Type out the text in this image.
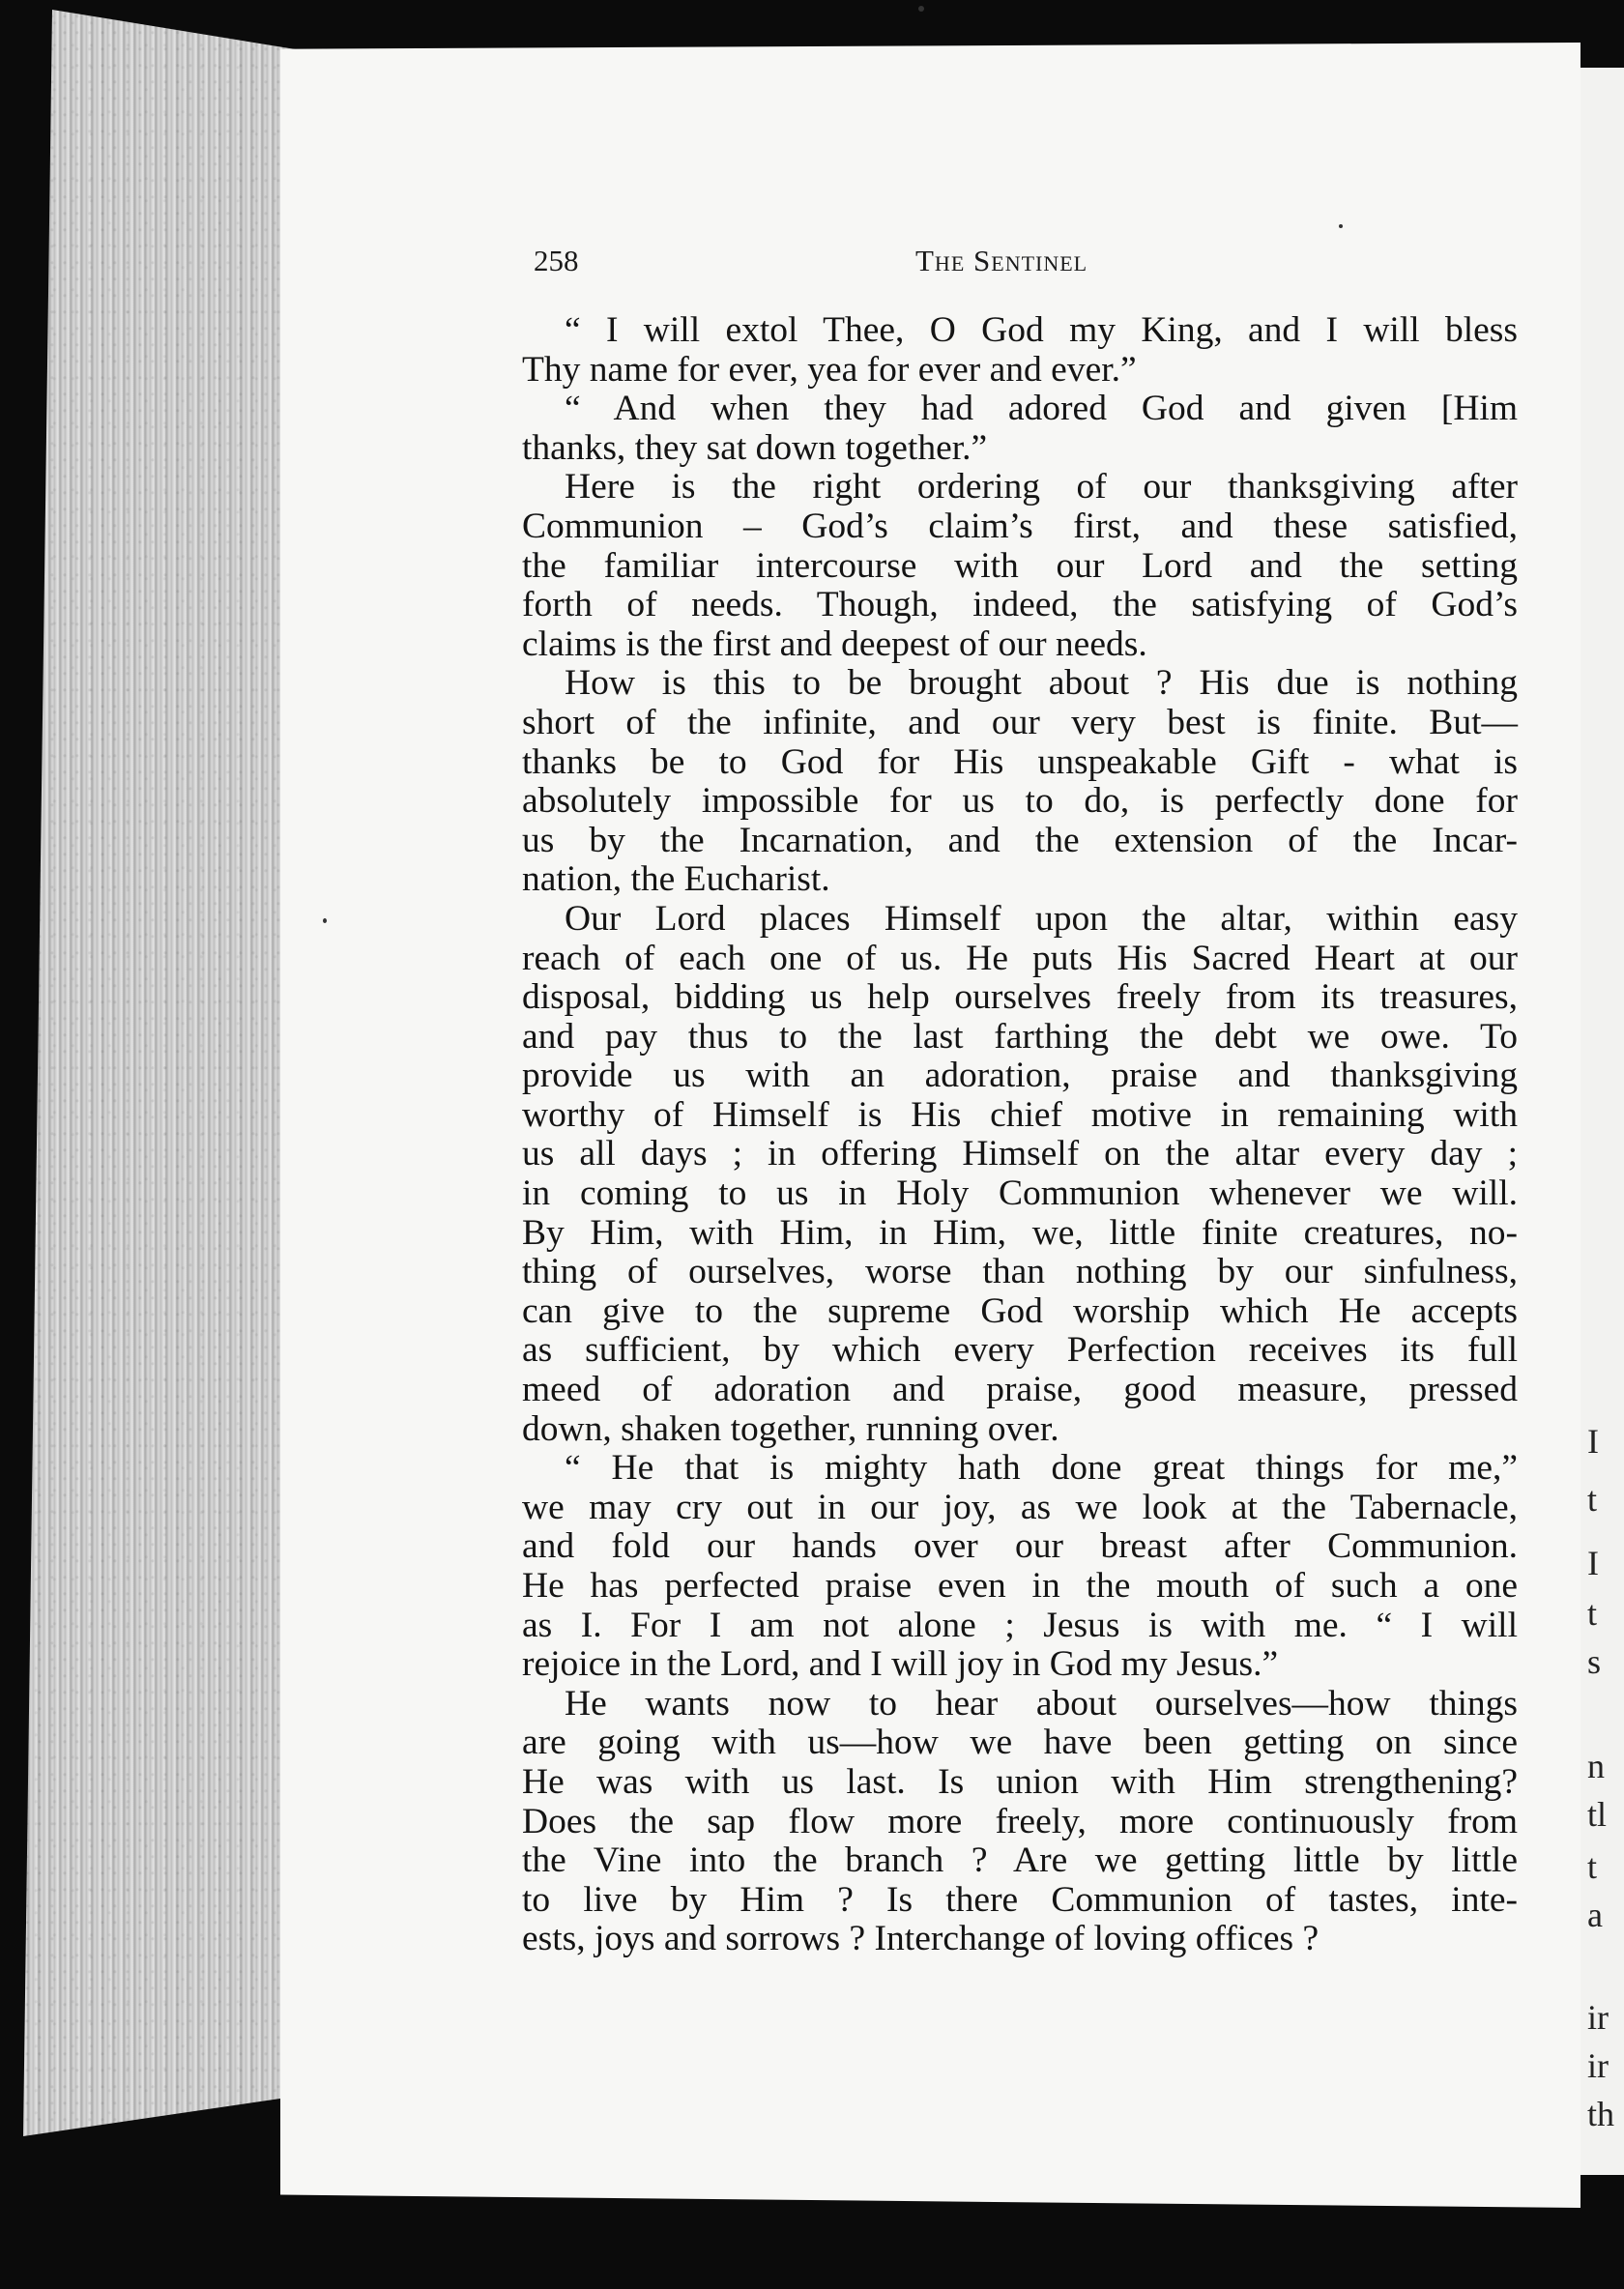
258	The Sentinel
“ I will extol Thee, O God my King, and I will bless
Thy name for ever, yea for ever and ever.”
“ And when they had adored God and given [Him
thanks, they sat down together.”
Here is the right ordering of our thanksgiving after
Communion – God’s claim’s first, and these satisfied,
the familiar intercourse with our Lord and the setting
forth of needs. Though, indeed, the satisfying of God’s
claims is the first and deepest of our needs.
How is this to be brought about ? His due is nothing
short of the infinite, and our very best is finite. But—
thanks be to God for His unspeakable Gift - what is
absolutely impossible for us to do, is perfectly done for
us by the Incarnation, and the extension of the Incar-
nation, the Eucharist.
Our Lord places Himself upon the altar, within easy
reach of each one of us. He puts His Sacred Heart at our
disposal, bidding us help ourselves freely from its treasures,
and pay thus to the last farthing the debt we owe. To
provide us with an adoration, praise and thanksgiving
worthy of Himself is His chief motive in remaining with
us all days ; in offering Himself on the altar every day ;
in coming to us in Holy Communion whenever we will.
By Him, with Him, in Him, we, little finite creatures, no-
thing of ourselves, worse than nothing by our sinfulness,
can give to the supreme God worship which He accepts
as sufficient, by which every Perfection receives its full
meed of adoration and praise, good measure, pressed
down, shaken together, running over.
“ He that is mighty hath done great things for me,”
we may cry out in our joy, as we look at the Tabernacle,
and fold our hands over our breast after Communion.
He has perfected praise even in the mouth of such a one
as I. For I am not alone ; Jesus is with me. “ I will
rejoice in the Lord, and I will joy in God my Jesus.”
He wants now to hear about ourselves—how things
are going with us—how we have been getting on since
He was with us last. Is union with Him strengthening?
Does the sap flow more freely, more continuously from
the Vine into the branch ? Are we getting little by little
to live by Him ? Is there Communion of tastes, inte-
ests, joys and sorrows ? Interchange of loving offices ?
I
t
I
t
s
n
tl
t
a
ir
ir
th
